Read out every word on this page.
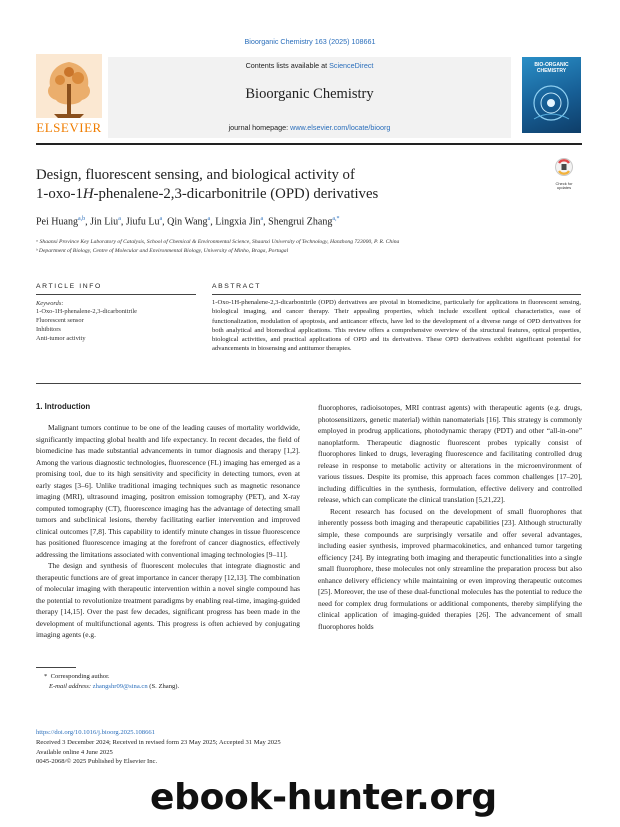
Bioorganic Chemistry 163 (2025) 108661
ELSEVIER
Contents lists available at ScienceDirect
Bioorganic Chemistry
journal homepage: www.elsevier.com/locate/bioorg
BIO-ORGANIC
CHEMISTRY
Design, fluorescent sensing, and biological activity of
1-oxo-1H-phenalene-2,3-dicarbonitrile (OPD) derivatives
Check for
updates
Pei Huang$^{a,b}$, Jin Liu$^a$, Jiufu Lu$^a$, Qin Wang$^a$, Lingxia Jin$^a$, Shengrui Zhang$^{a,*}$
ᵃ Shaanxi Province Key Laboratory of Catalysis, School of Chemical & Environmental Science, Shaanxi University of Technology, Hanzhong 723000, P. R. China
ᵇ Department of Biology, Centre of Molecular and Environmental Biology, University of Minho, Braga, Portugal
ARTICLE INFO	ABSTRACT
Keywords:
1-Oxo-1H-phenalene-2,3-dicarbonitrile
Fluorescent sensor
Inhibitors
Anti-tumor activity
1-Oxo-1H-phenalene-2,3-dicarbonitrile (OPD) derivatives are pivotal in biomedicine, particularly for applications in fluorescent sensing, biological imaging, and cancer therapy. Their appealing properties, which include excellent optical characteristics, ease of functionalization, modulation of apoptosis, and anticancer effects, have led to the development of a diverse range of OPD derivatives for both analytical and biomedical applications. This review offers a comprehensive overview of the structural features, optical properties, biological activities, and practical applications of OPD and its derivatives. These OPD derivatives exhibit significant potential for advancements in biosensing and antitumor therapies.
1. Introduction

Malignant tumors continue to be one of the leading causes of mortality worldwide, significantly impacting global health and life expectancy. In recent decades, the field of biomedicine has made substantial advancements in tumor diagnosis and therapy [1,2]. Among the various diagnostic technologies, fluorescence (FL) imaging has emerged as a promising tool, due to its high sensitivity and specificity in detecting tumors, even at early stages [3–6]. Unlike traditional imaging techniques such as magnetic resonance imaging (MRI), ultrasound imaging, positron emission tomography (PET), and X-ray computed tomography (CT), fluorescence imaging has the advantage of detecting small tumors and subclinical lesions, thereby facilitating earlier intervention and improved clinical outcomes [7,8]. This capability to identify minute changes in tissue fluorescence has positioned fluorescence imaging at the forefront of cancer diagnostics, effectively addressing the limitations associated with conventional imaging technologies [9–11].

The design and synthesis of fluorescent molecules that integrate diagnostic and therapeutic functions are of great importance in cancer therapy [12,13]. The combination of molecular imaging with therapeutic intervention within a novel single compound has the potential to revolutionize treatment paradigms by enabling real-time, imaging-guided therapy [14,15]. Over the past few decades, significant progress has been made in the development of multifunctional agents. This progress is often achieved by conjugating imaging agents (e.g.

fluorophores, radioisotopes, MRI contrast agents) with therapeutic agents (e.g. drugs, photosensitizers, genetic material) within nanomaterials [16]. This strategy is commonly employed in prodrug applications, photodynamic therapy (PDT) and other “all-in-one” nanoplatform. Therapeutic diagnostic fluorescent probes typically consist of fluorophores linked to drugs, leveraging fluorescence and facilitating controlled drug release in response to metabolic activity or alterations in the microenvironment of various tissues. Despite its promise, this approach faces common challenges [17–20], including difficulties in the synthesis, formulation, effective delivery and controlled release, which can complicate the clinical translation [5,21,22].

Recent research has focused on the development of small fluorophores that inherently possess both imaging and therapeutic capabilities [23]. Although structurally simple, these compounds are surprisingly versatile and offer several advantages, including easier synthesis, improved pharmacokinetics, and enhanced tumor targeting efficiency [24]. By integrating both imaging and therapeutic functionalities into a single small fluorophore, these molecules not only streamline the preparation process but also enhance delivery efficiency while maintaining or even improving therapeutic outcomes [25]. Moreover, the use of these dual-functional molecules has the potential to reduce the need for complex drug formulations or additional components, thereby simplifying the clinical application of imaging-guided therapies [26]. The advancement of small fluorophores holds

* Corresponding author.
E-mail address: zhangshr09@sina.cn (S. Zhang).
https://doi.org/10.1016/j.bioorg.2025.108661
Received 3 December 2024; Received in revised form 23 May 2025; Accepted 31 May 2025
Available online 4 June 2025
0045-2068/© 2025 Published by Elsevier Inc.
ebook-hunter.org
